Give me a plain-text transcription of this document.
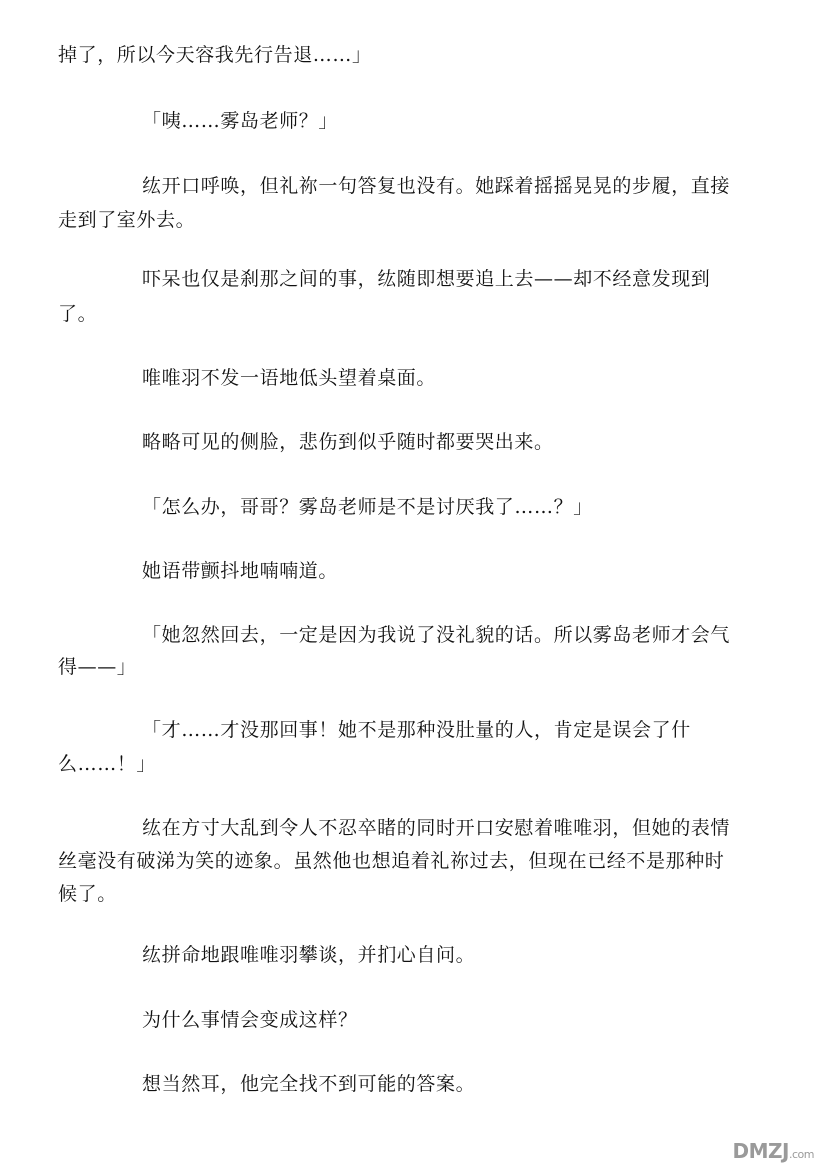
掉了，所以今天容我先行告退……」
「咦……雾岛老师？」
纮开口呼唤，但礼祢一句答复也没有。她踩着摇摇晃晃的步履，直接
走到了室外去。
吓呆也仅是刹那之间的事，纮随即想要追上去——却不经意发现到
了。
唯唯羽不发一语地低头望着桌面。
略略可见的侧脸，悲伤到似乎随时都要哭出来。
「怎么办，哥哥？雾岛老师是不是讨厌我了……？」
她语带颤抖地喃喃道。
「她忽然回去，一定是因为我说了没礼貌的话。所以雾岛老师才会气
得——」
「才……才没那回事！她不是那种没肚量的人，肯定是误会了什
么……！」
纮在方寸大乱到令人不忍卒睹的同时开口安慰着唯唯羽，但她的表情
丝毫没有破涕为笑的迹象。虽然他也想追着礼祢过去，但现在已经不是那种时
候了。
纮拼命地跟唯唯羽攀谈，并扪心自问。
为什么事情会变成这样？
想当然耳，他完全找不到可能的答案。
DMZJ.com
